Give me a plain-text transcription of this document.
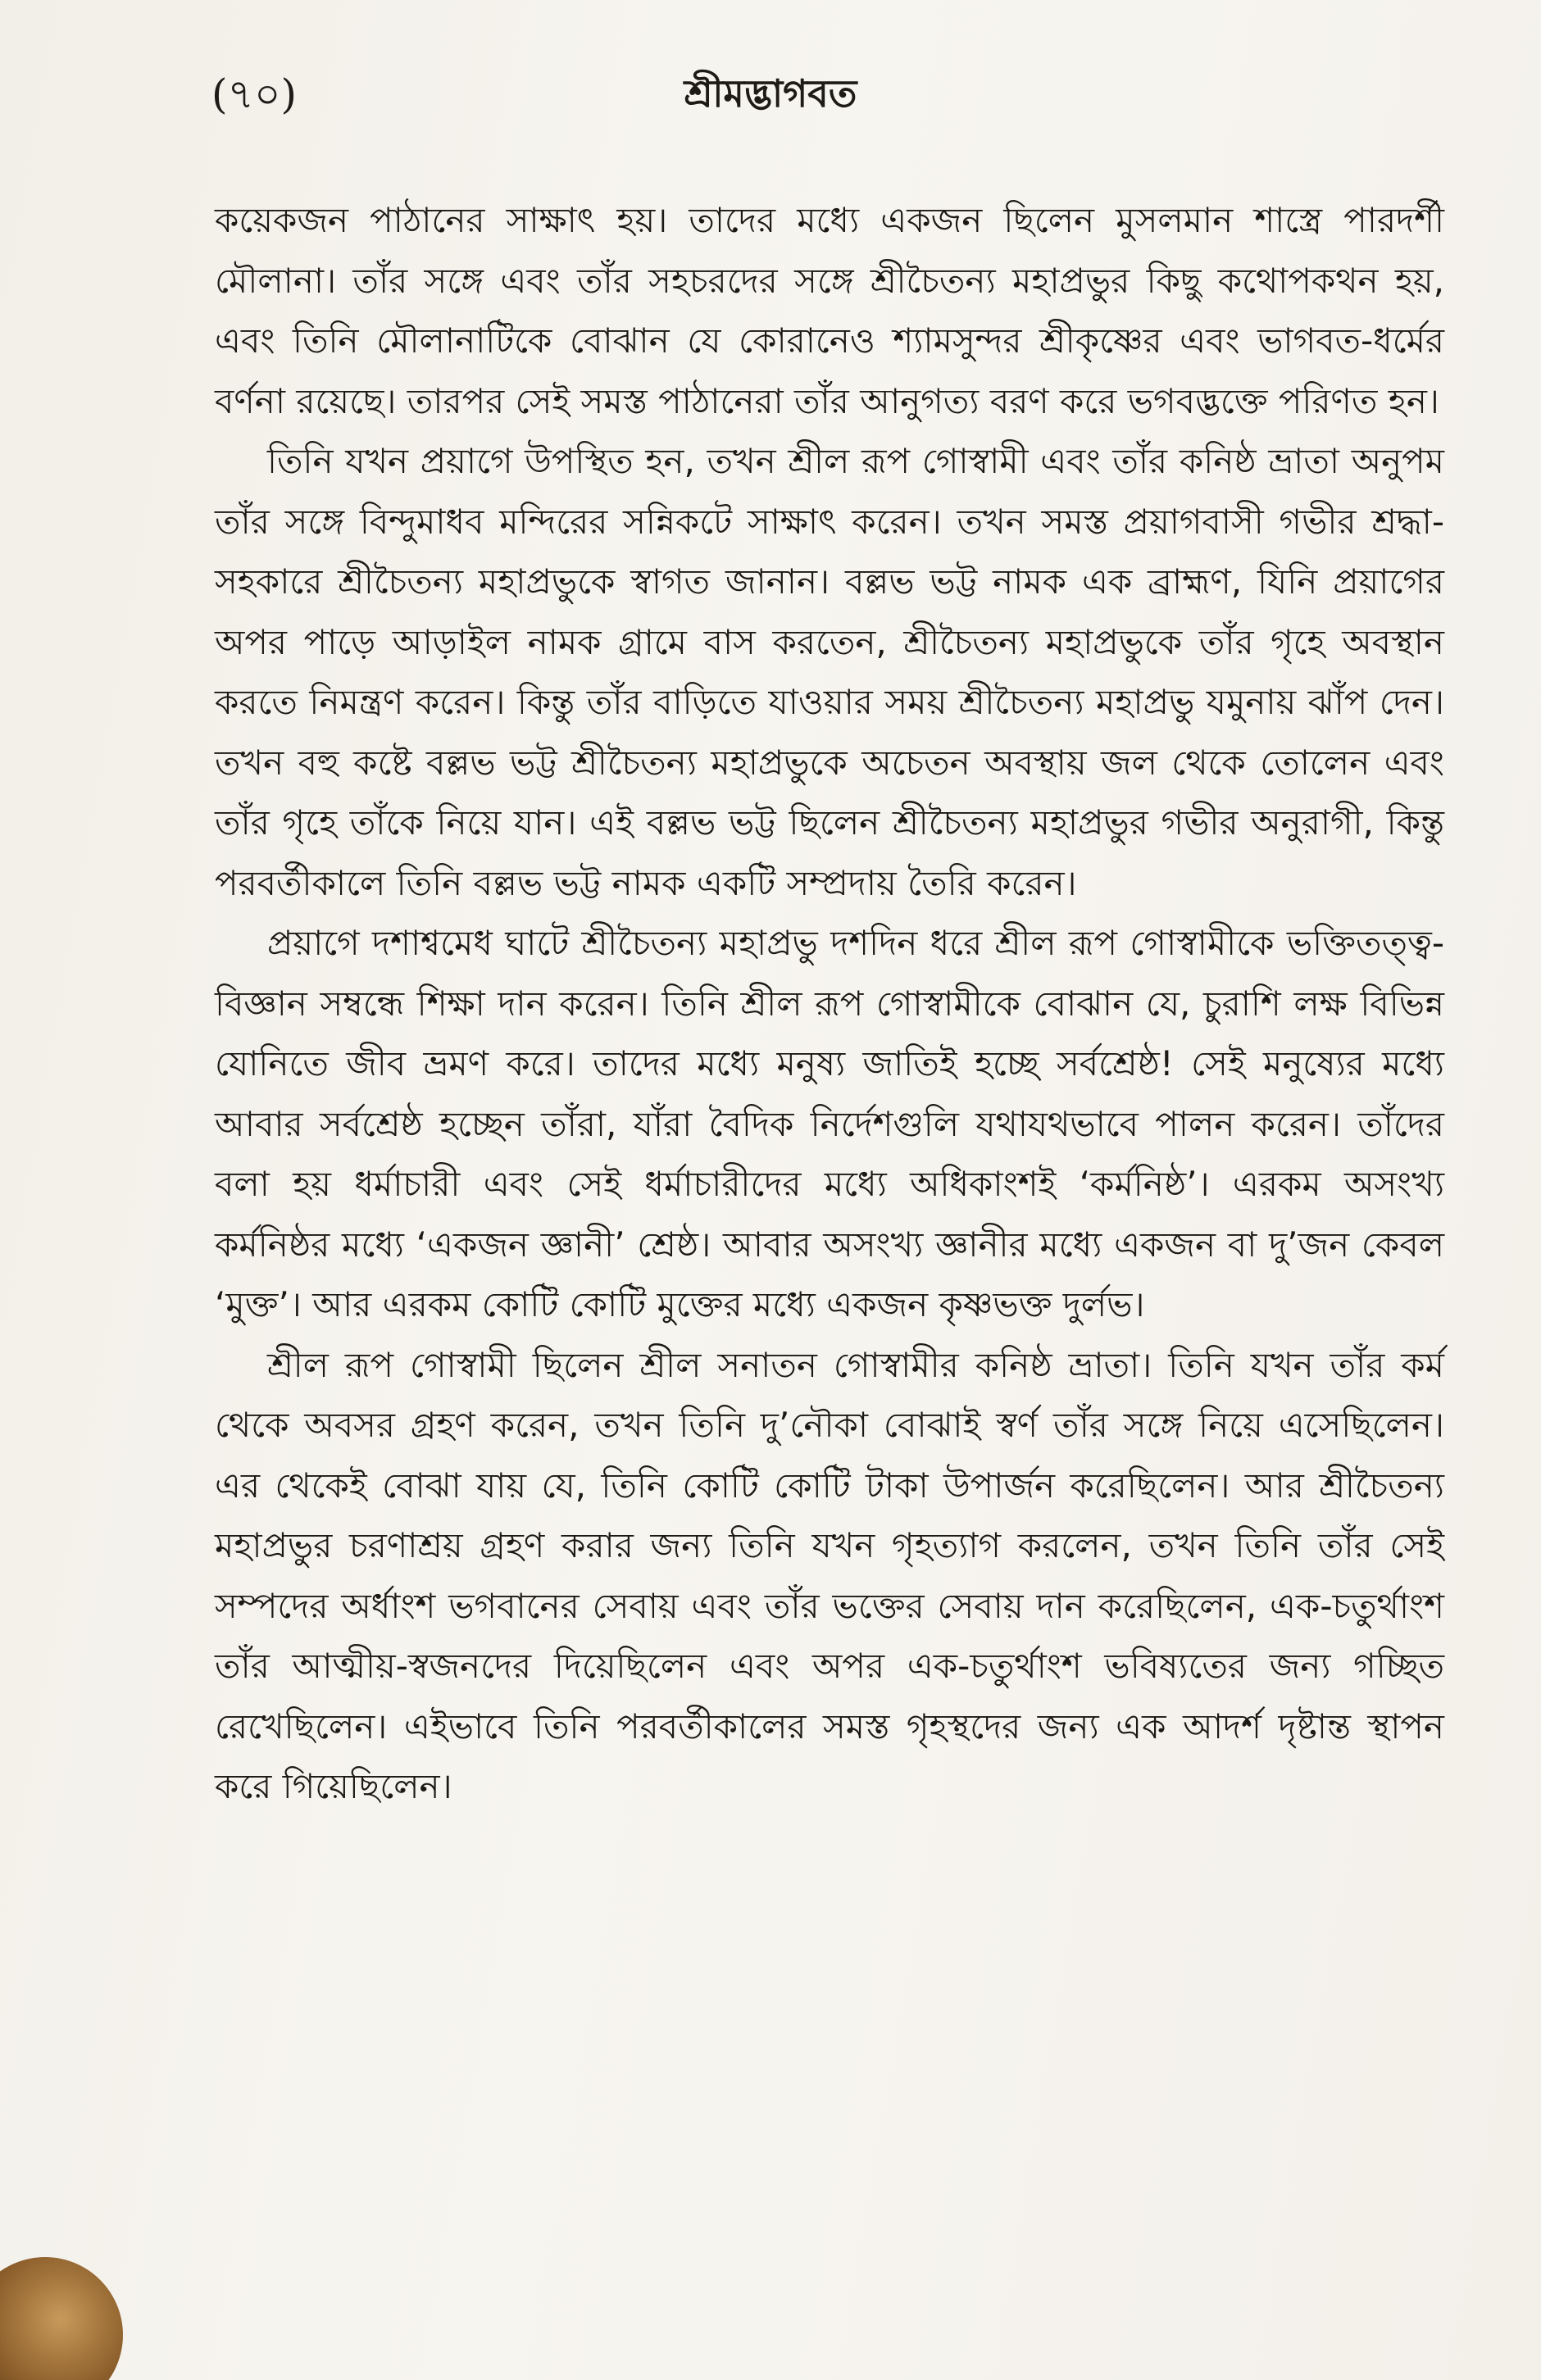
(৭০)	শ্রীমদ্ভাগবত

কয়েকজন পাঠানের সাক্ষাৎ হয়। তাদের মধ্যে একজন ছিলেন মুসলমান শাস্ত্রে পারদর্শী মৌলানা। তাঁর সঙ্গে এবং তাঁর সহচরদের সঙ্গে শ্রীচৈতন্য মহাপ্রভুর কিছু কথোপকথন হয়, এবং তিনি মৌলানাটিকে বোঝান যে কোরানেও শ্যামসুন্দর শ্রীকৃষ্ণের এবং ভাগবত-ধর্মের বর্ণনা রয়েছে। তারপর সেই সমস্ত পাঠানেরা তাঁর আনুগত্য বরণ করে ভগবদ্ভক্তে পরিণত হন।

তিনি যখন প্রয়াগে উপস্থিত হন, তখন শ্রীল রূপ গোস্বামী এবং তাঁর কনিষ্ঠ ভ্রাতা অনুপম তাঁর সঙ্গে বিন্দুমাধব মন্দিরের সন্নিকটে সাক্ষাৎ করেন। তখন সমস্ত প্রয়াগবাসী গভীর শ্রদ্ধা-সহকারে শ্রীচৈতন্য মহাপ্রভুকে স্বাগত জানান। বল্লভ ভট্ট নামক এক ব্রাহ্মণ, যিনি প্রয়াগের অপর পাড়ে আড়াইল নামক গ্রামে বাস করতেন, শ্রীচৈতন্য মহাপ্রভুকে তাঁর গৃহে অবস্থান করতে নিমন্ত্রণ করেন। কিন্তু তাঁর বাড়িতে যাওয়ার সময় শ্রীচৈতন্য মহাপ্রভু যমুনায় ঝাঁপ দেন। তখন বহু কষ্টে বল্লভ ভট্ট শ্রীচৈতন্য মহাপ্রভুকে অচেতন অবস্থায় জল থেকে তোলেন এবং তাঁর গৃহে তাঁকে নিয়ে যান। এই বল্লভ ভট্ট ছিলেন শ্রীচৈতন্য মহাপ্রভুর গভীর অনুরাগী, কিন্তু পরবর্তীকালে তিনি বল্লভ ভট্ট নামক একটি সম্প্রদায় তৈরি করেন।

প্রয়াগে দশাশ্বমেধ ঘাটে শ্রীচৈতন্য মহাপ্রভু দশদিন ধরে শ্রীল রূপ গোস্বামীকে ভক্তিতত্ত্ব-বিজ্ঞান সম্বন্ধে শিক্ষা দান করেন। তিনি শ্রীল রূপ গোস্বামীকে বোঝান যে, চুরাশি লক্ষ বিভিন্ন যোনিতে জীব ভ্রমণ করে। তাদের মধ্যে মনুষ্য জাতিই হচ্ছে সর্বশ্রেষ্ঠ! সেই মনুষ্যের মধ্যে আবার সর্বশ্রেষ্ঠ হচ্ছেন তাঁরা, যাঁরা বৈদিক নির্দেশগুলি যথাযথভাবে পালন করেন। তাঁদের বলা হয় ধর্মাচারী এবং সেই ধর্মাচারীদের মধ্যে অধিকাংশই ‘কর্মনিষ্ঠ’। এরকম অসংখ্য কর্মনিষ্ঠর মধ্যে ‘একজন জ্ঞানী’ শ্রেষ্ঠ। আবার অসংখ্য জ্ঞানীর মধ্যে একজন বা দু’জন কেবল ‘মুক্ত’। আর এরকম কোটি কোটি মুক্তের মধ্যে একজন কৃষ্ণভক্ত দুর্লভ।

শ্রীল রূপ গোস্বামী ছিলেন শ্রীল সনাতন গোস্বামীর কনিষ্ঠ ভ্রাতা। তিনি যখন তাঁর কর্ম থেকে অবসর গ্রহণ করেন, তখন তিনি দু’নৌকা বোঝাই স্বর্ণ তাঁর সঙ্গে নিয়ে এসেছিলেন। এর থেকেই বোঝা যায় যে, তিনি কোটি কোটি টাকা উপার্জন করেছিলেন। আর শ্রীচৈতন্য মহাপ্রভুর চরণাশ্রয় গ্রহণ করার জন্য তিনি যখন গৃহত্যাগ করলেন, তখন তিনি তাঁর সেই সম্পদের অর্ধাংশ ভগবানের সেবায় এবং তাঁর ভক্তের সেবায় দান করেছিলেন, এক-চতুর্থাংশ তাঁর আত্মীয়-স্বজনদের দিয়েছিলেন এবং অপর এক-চতুর্থাংশ ভবিষ্যতের জন্য গচ্ছিত রেখেছিলেন। এইভাবে তিনি পরবর্তীকালের সমস্ত গৃহস্থদের জন্য এক আদর্শ দৃষ্টান্ত স্থাপন করে গিয়েছিলেন।
